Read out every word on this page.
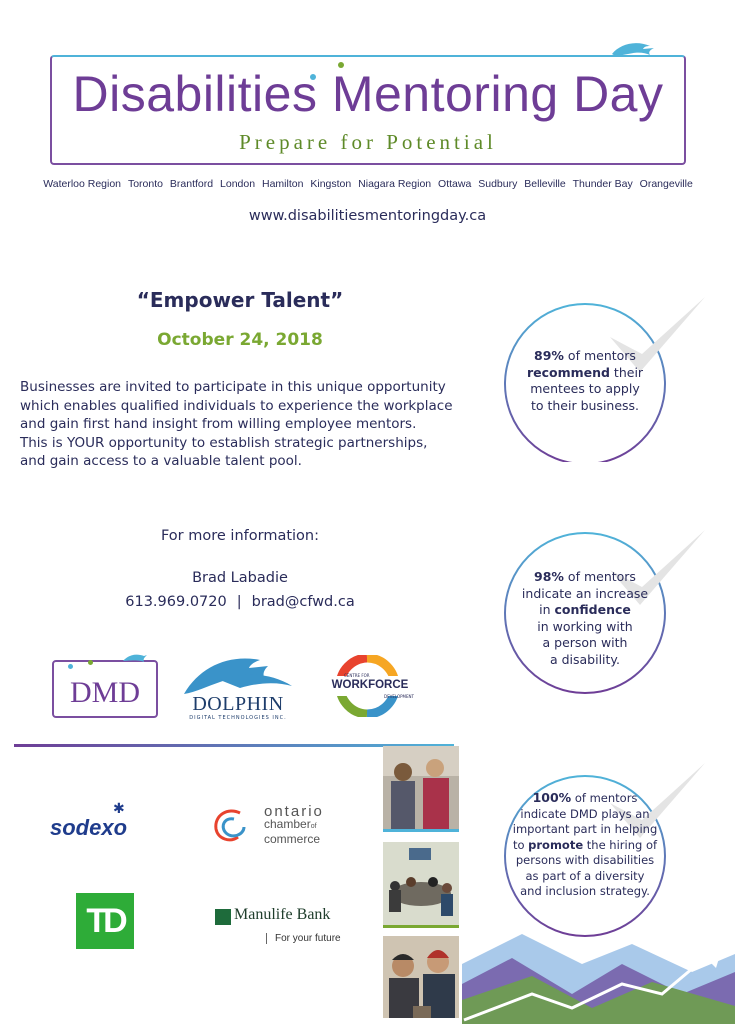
Disabilities Mentoring Day
Prepare for Potential
Waterloo Region Toronto Brantford London Hamilton Kingston Niagara Region Ottawa Sudbury Belleville Thunder Bay Orangeville
www.disabilitiesmentoringday.ca
“Empower Talent”
October 24, 2018
Businesses are invited to participate in this unique opportunity
which enables qualified individuals to experience the workplace
and gain first hand insight from willing employee mentors.
This is YOUR opportunity to establish strategic partnerships,
and gain access to a valuable talent pool.
For more information:
Brad Labadie
613.969.0720 | brad@cfwd.ca
89% of mentors
recommend their
mentees to apply
to their business.
98% of mentors
indicate an increase
in confidence
in working with
a person with
a disability.
100% of mentors
indicate DMD plays an
important part in helping
to promote the hiring of
persons with disabilities
as part of a diversity
and inclusion strategy.
DMD	DOLPHIN
DIGITAL TECHNOLOGIES INC.
CENTRE FOR
WORKFORCE
DEVELOPMENT
✱
sodexo
ontario
chamberof
commerce
TD	Manulife Bank
For your future
